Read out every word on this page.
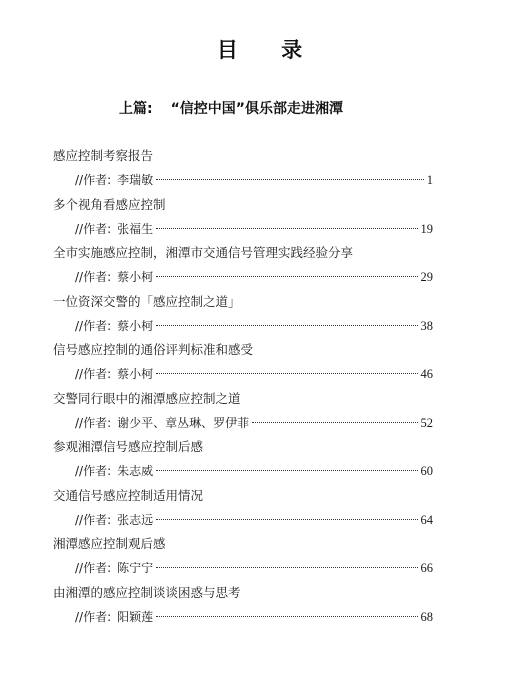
目 录
上篇: “信控中国”俱乐部走进湘潭
感应控制考察报告
//作者: 李瑞敏	1
多个视角看感应控制
//作者: 张福生	19
全市实施感应控制，湘潭市交通信号管理实践经验分享
//作者: 蔡小柯	29
一位资深交警的「感应控制之道」
//作者: 蔡小柯	38
信号感应控制的通俗评判标准和感受
//作者: 蔡小柯	46
交警同行眼中的湘潭感应控制之道
//作者: 谢少平、章丛琳、罗伊菲	52
参观湘潭信号感应控制后感
//作者: 朱志威	60
交通信号感应控制适用情况
//作者: 张志远	64
湘潭感应控制观后感
//作者: 陈宁宁	66
由湘潭的感应控制谈谈困惑与思考
//作者: 阳颖莲	68
